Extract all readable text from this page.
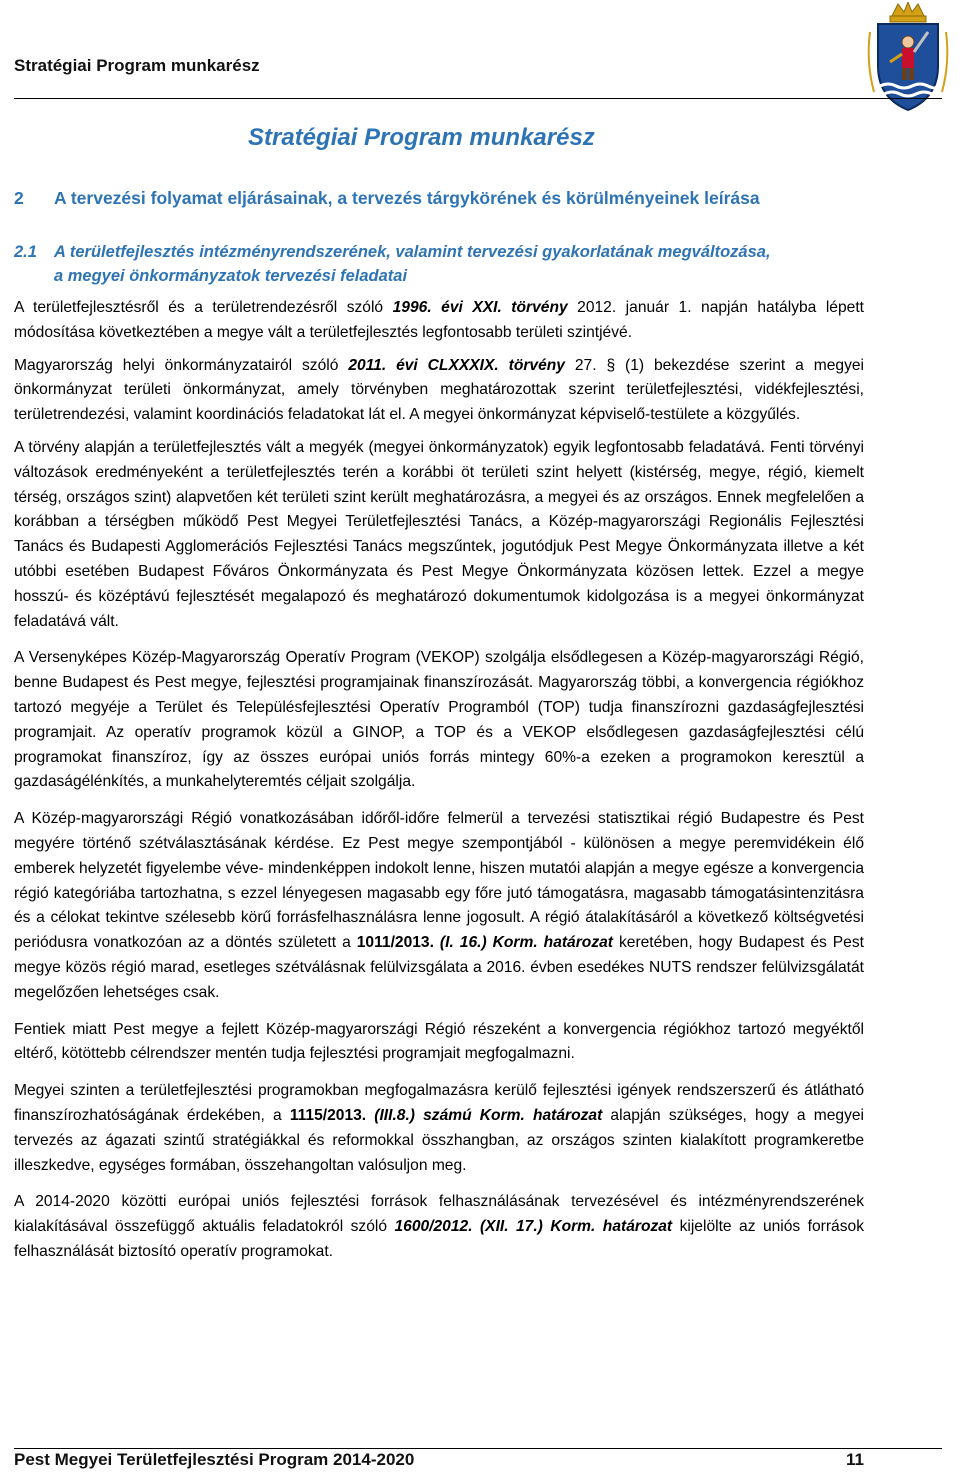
Stratégiai Program munkarész
Stratégiai Program munkarész
2 A tervezési folyamat eljárásainak, a tervezés tárgykörének és körülményeinek leírása
2.1 A területfejlesztés intézményrendszerének, valamint tervezési gyakorlatának megváltozása,
a megyei önkormányzatok tervezési feladatai

A területfejlesztésről és a területrendezésről szóló 1996. évi XXI. törvény 2012. január 1. napján hatályba lépett módosítása következtében a megye vált a területfejlesztés legfontosabb területi szintjévé.

Magyarország helyi önkormányzatairól szóló 2011. évi CLXXXIX. törvény 27. § (1) bekezdése szerint a megyei önkormányzat területi önkormányzat, amely törvényben meghatározottak szerint területfejlesztési, vidékfejlesztési, területrendezési, valamint koordinációs feladatokat lát el. A megyei önkormányzat képviselő-testülete a közgyűlés.

A törvény alapján a területfejlesztés vált a megyék (megyei önkormányzatok) egyik legfontosabb feladatává. Fenti törvényi változások eredményeként a területfejlesztés terén a korábbi öt területi szint helyett (kistérség, megye, régió, kiemelt térség, országos szint) alapvetően két területi szint került meghatározásra, a megyei és az országos. Ennek megfelelően a korábban a térségben működő Pest Megyei Területfejlesztési Tanács, a Közép-magyarországi Regionális Fejlesztési Tanács és Budapesti Agglomerációs Fejlesztési Tanács megszűntek, jogutódjuk Pest Megye Önkormányzata illetve a két utóbbi esetében Budapest Főváros Önkormányzata és Pest Megye Önkormányzata közösen lettek. Ezzel a megye hosszú- és középtávú fejlesztését megalapozó és meghatározó dokumentumok kidolgozása is a megyei önkormányzat feladatává vált.

A Versenyképes Közép-Magyarország Operatív Program (VEKOP) szolgálja elsődlegesen a Közép-magyarországi Régió, benne Budapest és Pest megye, fejlesztési programjainak finanszírozását. Magyarország többi, a konvergencia régiókhoz tartozó megyéje a Terület és Településfejlesztési Operatív Programból (TOP) tudja finanszírozni gazdaságfejlesztési programjait. Az operatív programok közül a GINOP, a TOP és a VEKOP elsődlegesen gazdaságfejlesztési célú programokat finanszíroz, így az összes európai uniós forrás mintegy 60%-a ezeken a programokon keresztül a gazdaságélénkítés, a munkahelyteremtés céljait szolgálja.

A Közép-magyarországi Régió vonatkozásában időről-időre felmerül a tervezési statisztikai régió Budapestre és Pest megyére történő szétválasztásának kérdése. Ez Pest megye szempontjából - különösen a megye peremvidékein élő emberek helyzetét figyelembe véve- mindenképpen indokolt lenne, hiszen mutatói alapján a megye egésze a konvergencia régió kategóriába tartozhatna, s ezzel lényegesen magasabb egy főre jutó támogatásra, magasabb támogatásintenzitásra és a célokat tekintve szélesebb körű forrásfelhasználásra lenne jogosult. A régió átalakításáról a következő költségvetési periódusra vonatkozóan az a döntés született a 1011/2013. (I. 16.) Korm. határozat keretében, hogy Budapest és Pest megye közös régió marad, esetleges szétválásnak felülvizsgálata a 2016. évben esedékes NUTS rendszer felülvizsgálatát megelőzően lehetséges csak.

Fentiek miatt Pest megye a fejlett Közép-magyarországi Régió részeként a konvergencia régiókhoz tartozó megyéktől eltérő, kötöttebb célrendszer mentén tudja fejlesztési programjait megfogalmazni.

Megyei szinten a területfejlesztési programokban megfogalmazásra kerülő fejlesztési igények rendszerszerű és átlátható finanszírozhatóságának érdekében, a 1115/2013. (III.8.) számú Korm. határozat alapján szükséges, hogy a megyei tervezés az ágazati szintű stratégiákkal és reformokkal összhangban, az országos szinten kialakított programkeretbe illeszkedve, egységes formában, összehangoltan valósuljon meg.

A 2014-2020 közötti európai uniós fejlesztési források felhasználásának tervezésével és intézményrendszerének kialakításával összefüggő aktuális feladatokról szóló 1600/2012. (XII. 17.) Korm. határozat kijelölte az uniós források felhasználását biztosító operatív programokat.

Pest Megyei Területfejlesztési Program 2014-2020	11
